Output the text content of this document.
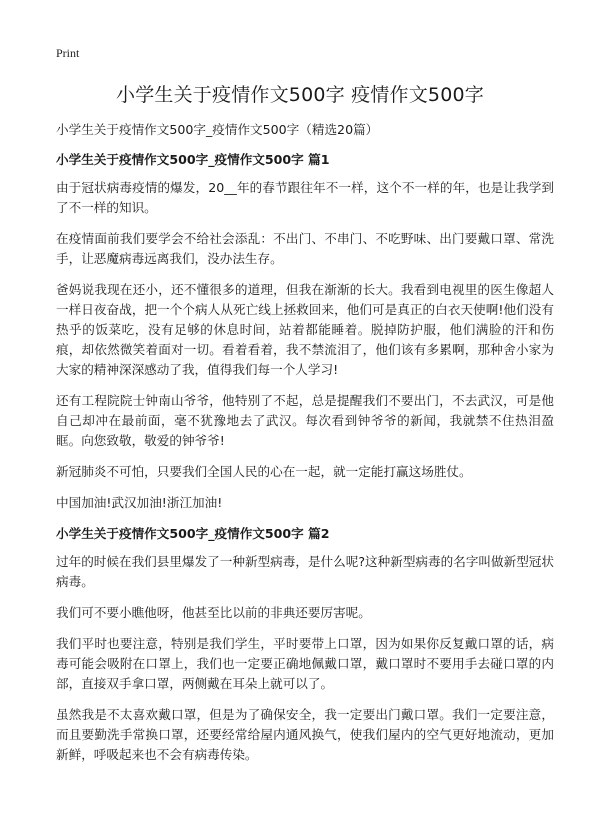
Print
小学生关于疫情作文500字 疫情作文500字

小学生关于疫情作文500字_疫情作文500字（精选20篇）

小学生关于疫情作文500字_疫情作文500字 篇1

由于冠状病毒疫情的爆发，20__年的春节跟往年不一样，这个不一样的年，也是让我学到了不一样的知识。

在疫情面前我们要学会不给社会添乱：不出门、不串门、不吃野味、出门要戴口罩、常洗手，让恶魔病毒远离我们，没办法生存。

爸妈说我现在还小，还不懂很多的道理，但我在渐渐的长大。我看到电视里的医生像超人一样日夜奋战，把一个个病人从死亡线上拯救回来，他们可是真正的白衣天使啊!他们没有热乎的饭菜吃，没有足够的休息时间，站着都能睡着。脱掉防护服，他们满脸的汗和伤痕，却依然微笑着面对一切。看着看着，我不禁流泪了，他们该有多累啊，那种舍小家为大家的精神深深感动了我，值得我们每一个人学习!

还有工程院院士钟南山爷爷，他特别了不起，总是提醒我们不要出门，不去武汉，可是他自己却冲在最前面，毫不犹豫地去了武汉。每次看到钟爷爷的新闻，我就禁不住热泪盈眶。向您致敬，敬爱的钟爷爷!

新冠肺炎不可怕，只要我们全国人民的心在一起，就一定能打赢这场胜仗。

中国加油!武汉加油!浙江加油!

小学生关于疫情作文500字_疫情作文500字 篇2

过年的时候在我们县里爆发了一种新型病毒，是什么呢?这种新型病毒的名字叫做新型冠状病毒。

我们可不要小瞧他呀，他甚至比以前的非典还要厉害呢。

我们平时也要注意，特别是我们学生，平时要带上口罩，因为如果你反复戴口罩的话，病毒可能会吸附在口罩上，我们也一定要正确地佩戴口罩，戴口罩时不要用手去碰口罩的内部，直接双手拿口罩，两侧戴在耳朵上就可以了。

虽然我是不太喜欢戴口罩，但是为了确保安全，我一定要出门戴口罩。我们一定要注意，而且要勤洗手常换口罩，还要经常给屋内通风换气，使我们屋内的空气更好地流动，更加新鲜，呼吸起来也不会有病毒传染。
